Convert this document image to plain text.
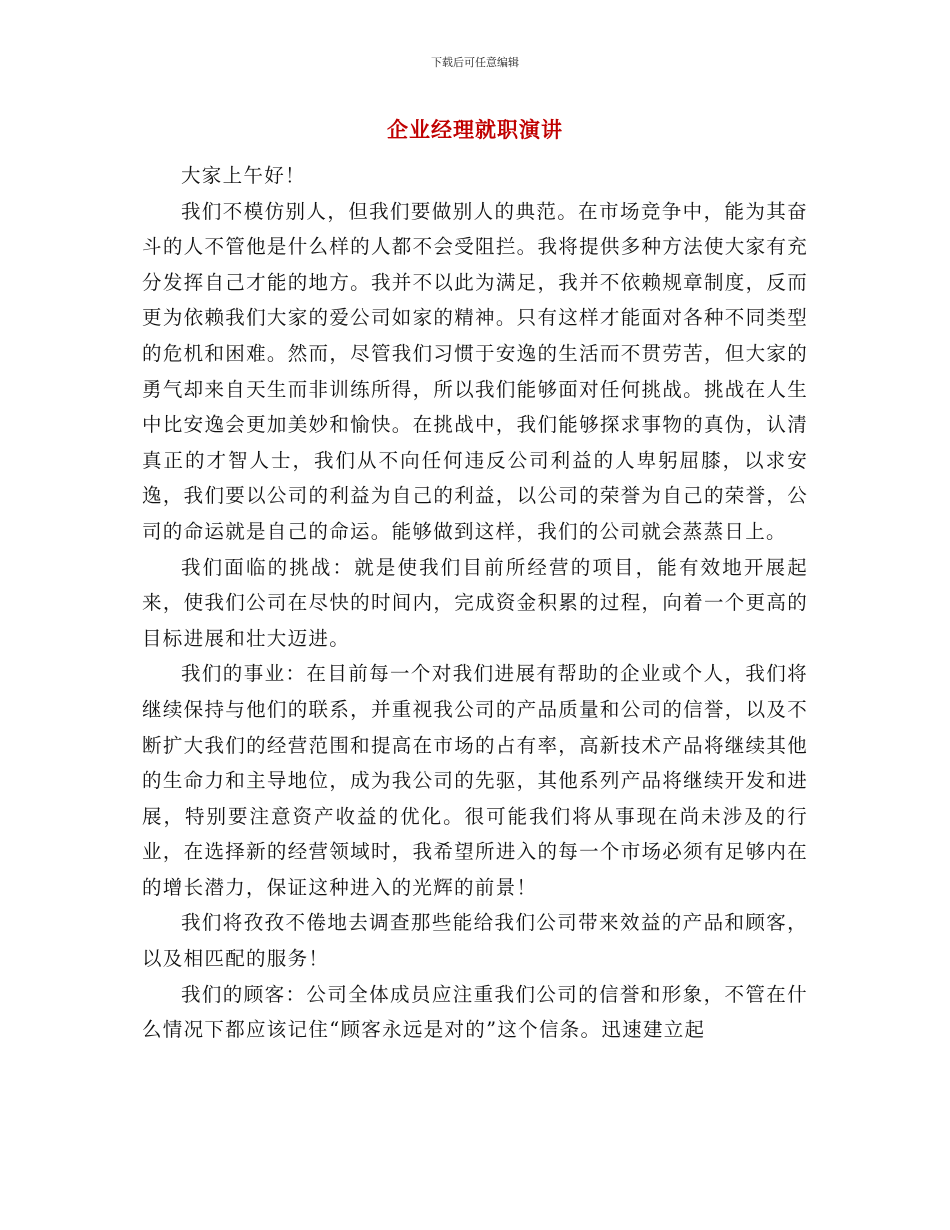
下载后可任意编辑
企业经理就职演讲

大家上午好！

我们不模仿别人，但我们要做别人的典范。在市场竞争中，能为其奋斗的人不管他是什么样的人都不会受阻拦。我将提供多种方法使大家有充分发挥自己才能的地方。我并不以此为满足，我并不依赖规章制度，反而更为依赖我们大家的爱公司如家的精神。只有这样才能面对各种不同类型的危机和困难。然而，尽管我们习惯于安逸的生活而不贯劳苦，但大家的勇气却来自天生而非训练所得，所以我们能够面对任何挑战。挑战在人生中比安逸会更加美妙和愉快。在挑战中，我们能够探求事物的真伪，认清真正的才智人士，我们从不向任何违反公司利益的人卑躬屈膝，以求安逸，我们要以公司的利益为自己的利益，以公司的荣誉为自己的荣誉，公司的命运就是自己的命运。能够做到这样，我们的公司就会蒸蒸日上。

我们面临的挑战：就是使我们目前所经营的项目，能有效地开展起来，使我们公司在尽快的时间内，完成资金积累的过程，向着一个更高的目标进展和壮大迈进。

我们的事业：在目前每一个对我们进展有帮助的企业或个人，我们将继续保持与他们的联系，并重视我公司的产品质量和公司的信誉，以及不断扩大我们的经营范围和提高在市场的占有率，高新技术产品将继续其他的生命力和主导地位，成为我公司的先驱，其他系列产品将继续开发和进展，特别要注意资产收益的优化。很可能我们将从事现在尚未涉及的行业，在选择新的经营领域时，我希望所进入的每一个市场必须有足够内在的增长潜力，保证这种进入的光辉的前景！

我们将孜孜不倦地去调查那些能给我们公司带来效益的产品和顾客，以及相匹配的服务！

我们的顾客：公司全体成员应注重我们公司的信誉和形象，不管在什么情况下都应该记住“顾客永远是对的”这个信条。迅速建立起
